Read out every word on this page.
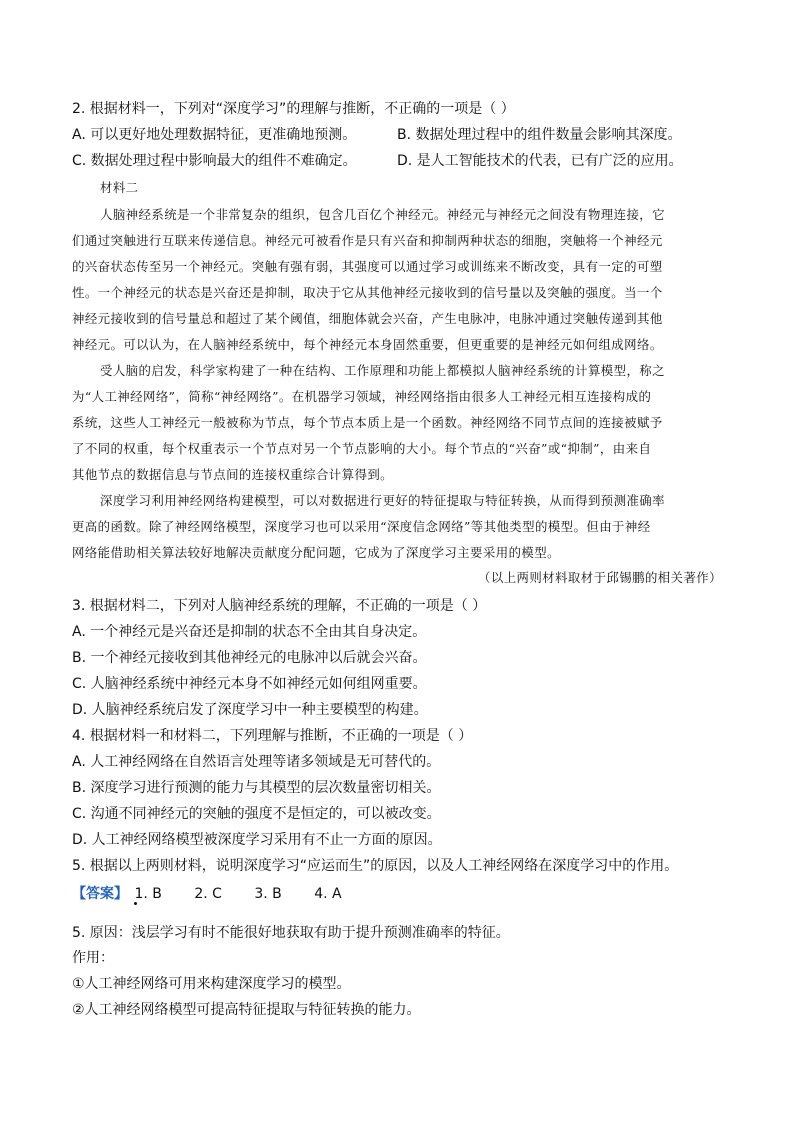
2. 根据材料一，下列对“深度学习”的理解与推断，不正确的一项是（ ）
A. 可以更好地处理数据特征，更准确地预测。	B. 数据处理过程中的组件数量会影响其深度。
C. 数据处理过程中影响最大的组件不难确定。	D. 是人工智能技术的代表，已有广泛的应用。
材料二
人脑神经系统是一个非常复杂的组织，包含几百亿个神经元。神经元与神经元之间没有物理连接，它
们通过突触进行互联来传递信息。神经元可被看作是只有兴奋和抑制两种状态的细胞，突触将一个神经元
的兴奋状态传至另一个神经元。突触有强有弱，其强度可以通过学习或训练来不断改变，具有一定的可塑
性。一个神经元的状态是兴奋还是抑制，取决于它从其他神经元接收到的信号量以及突触的强度。当一个
神经元接收到的信号量总和超过了某个阈值，细胞体就会兴奋，产生电脉冲，电脉冲通过突触传递到其他
神经元。可以认为，在人脑神经系统中，每个神经元本身固然重要，但更重要的是神经元如何组成网络。
受人脑的启发，科学家构建了一种在结构、工作原理和功能上都模拟人脑神经系统的计算模型，称之
为“人工神经网络”，简称“神经网络”。在机器学习领域，神经网络指由很多人工神经元相互连接构成的
系统，这些人工神经元一般被称为节点，每个节点本质上是一个函数。神经网络不同节点间的连接被赋予
了不同的权重，每个权重表示一个节点对另一个节点影响的大小。每个节点的“兴奋”或“抑制”，由来自
其他节点的数据信息与节点间的连接权重综合计算得到。
深度学习利用神经网络构建模型，可以对数据进行更好的特征提取与特征转换，从而得到预测准确率
更高的函数。除了神经网络模型，深度学习也可以采用“深度信念网络”等其他类型的模型。但由于神经
网络能借助相关算法较好地解决贡献度分配问题，它成为了深度学习主要采用的模型。
（以上两则材料取材于邱锡鹏的相关著作）
3. 根据材料二，下列对人脑神经系统的理解，不正确的一项是（ ）
A. 一个神经元是兴奋还是抑制的状态不全由其自身决定。
B. 一个神经元接收到其他神经元的电脉冲以后就会兴奋。
C. 人脑神经系统中神经元本身不如神经元如何组网重要。
D. 人脑神经系统启发了深度学习中一种主要模型的构建。
4. 根据材料一和材料二，下列理解与推断，不正确的一项是（ ）
A. 人工神经网络在自然语言处理等诸多领域是无可替代的。
B. 深度学习进行预测的能力与其模型的层次数量密切相关。
C. 沟通不同神经元的突触的强度不是恒定的，可以被改变。
D. 人工神经网络模型被深度学习采用有不止一方面的原因。
5. 根据以上两则材料，说明深度学习“应运而生”的原因，以及人工神经网络在深度学习中的作用。
【答案】 1. B 2. C 3. B 4. A
5. 原因：浅层学习有时不能很好地获取有助于提升预测准确率的特征。
作用：
①人工神经网络可用来构建深度学习的模型。
②人工神经网络模型可提高特征提取与特征转换的能力。
